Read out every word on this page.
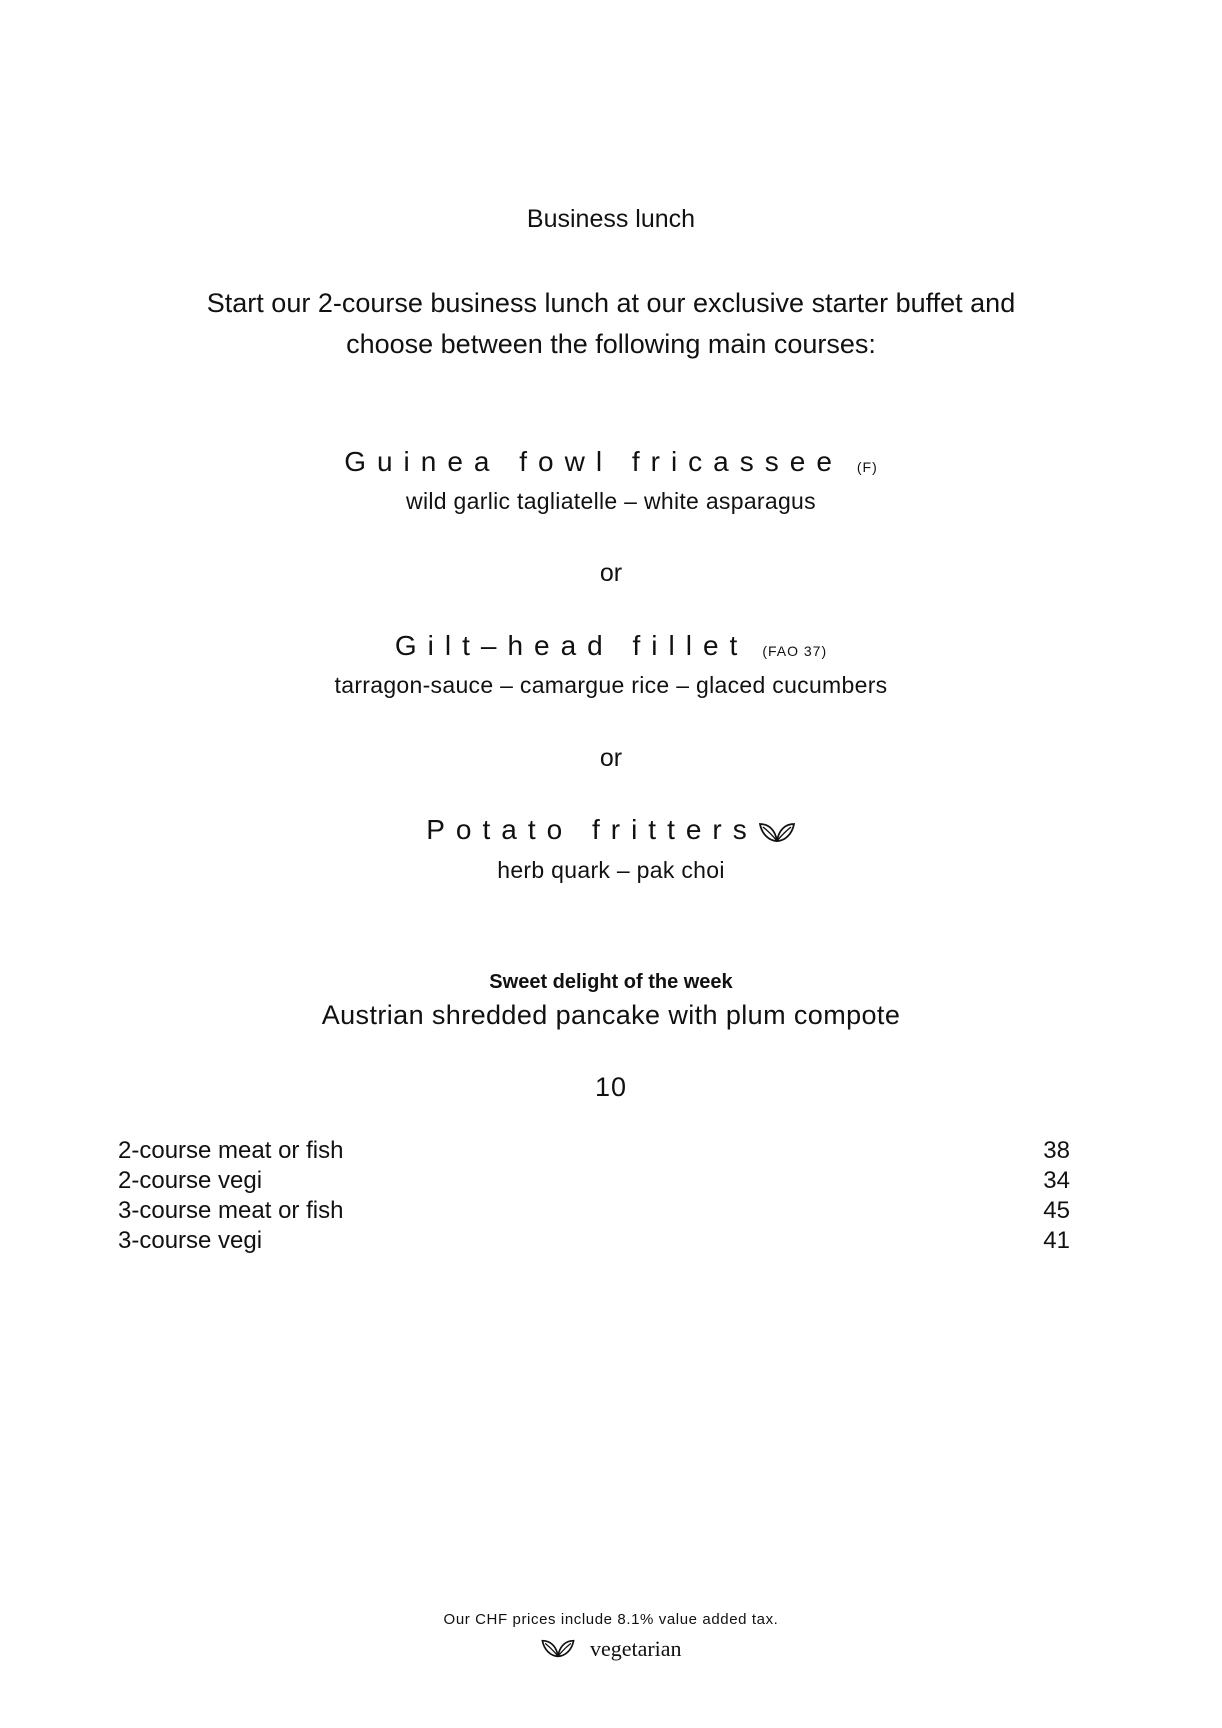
Business lunch
Start our 2-course business lunch at our exclusive starter buffet and
choose between the following main courses:
Guinea fowl fricassee (F)
wild garlic tagliatelle – white asparagus
or
Gilt–head fillet (FAO 37)
tarragon-sauce – camargue rice – glaced cucumbers
or
Potato fritters
herb quark – pak choi
Sweet delight of the week
Austrian shredded pancake with plum compote
10
2-course meat or fish	38
2-course vegi	34
3-course meat or fish	45
3-course vegi	41
Our CHF prices include 8.1% value added tax.
vegetarian
